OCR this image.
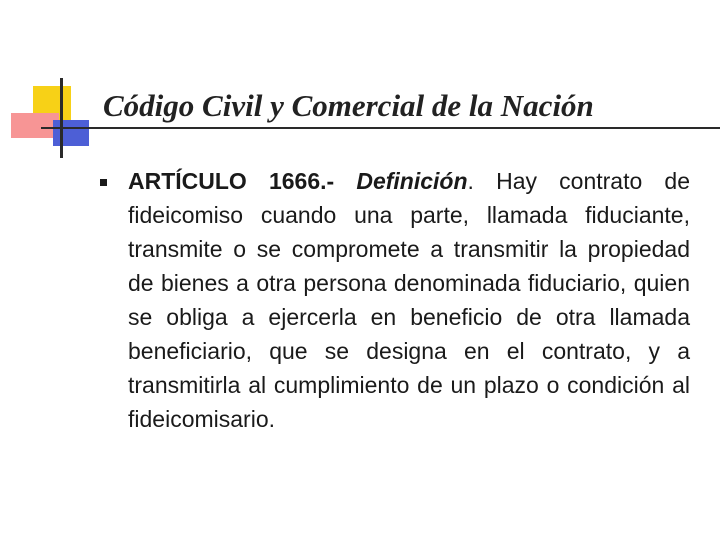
Código Civil y Comercial de la Nación
ARTÍCULO 1666.- Definición. Hay contrato de fideicomiso cuando una parte, llamada fiduciante, transmite o se compromete a transmitir la propiedad de bienes a otra persona denominada fiduciario, quien se obliga a ejercerla en beneficio de otra llamada beneficiario, que se designa en el contrato, y a transmitirla al cumplimiento de un plazo o condición al fideicomisario.
